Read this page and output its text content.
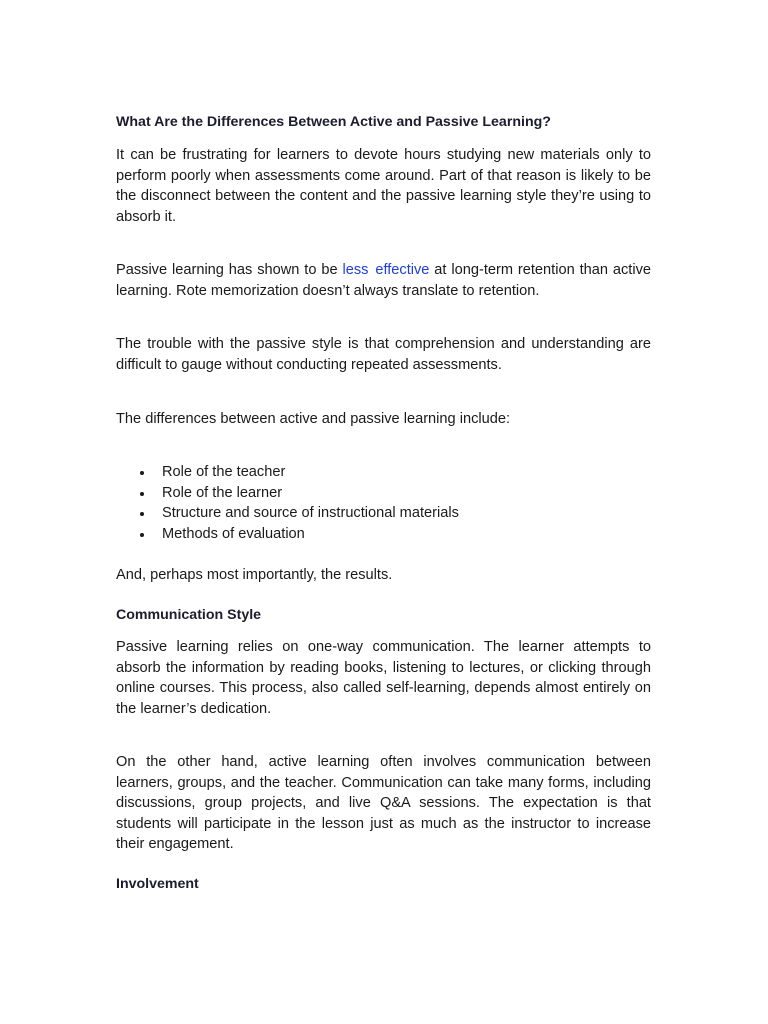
What Are the Differences Between Active and Passive Learning?
It can be frustrating for learners to devote hours studying new materials only to perform poorly when assessments come around. Part of that reason is likely to be the disconnect between the content and the passive learning style they’re using to absorb it.
Passive learning has shown to be less effective at long-term retention than active learning. Rote memorization doesn’t always translate to retention.
The trouble with the passive style is that comprehension and understanding are difficult to gauge without conducting repeated assessments.
The differences between active and passive learning include:
Role of the teacher
Role of the learner
Structure and source of instructional materials
Methods of evaluation
And, perhaps most importantly, the results.
Communication Style
Passive learning relies on one-way communication. The learner attempts to absorb the information by reading books, listening to lectures, or clicking through online courses. This process, also called self-learning, depends almost entirely on the learner’s dedication.
On the other hand, active learning often involves communication between learners, groups, and the teacher. Communication can take many forms, including discussions, group projects, and live Q&A sessions. The expectation is that students will participate in the lesson just as much as the instructor to increase their engagement.
Involvement
